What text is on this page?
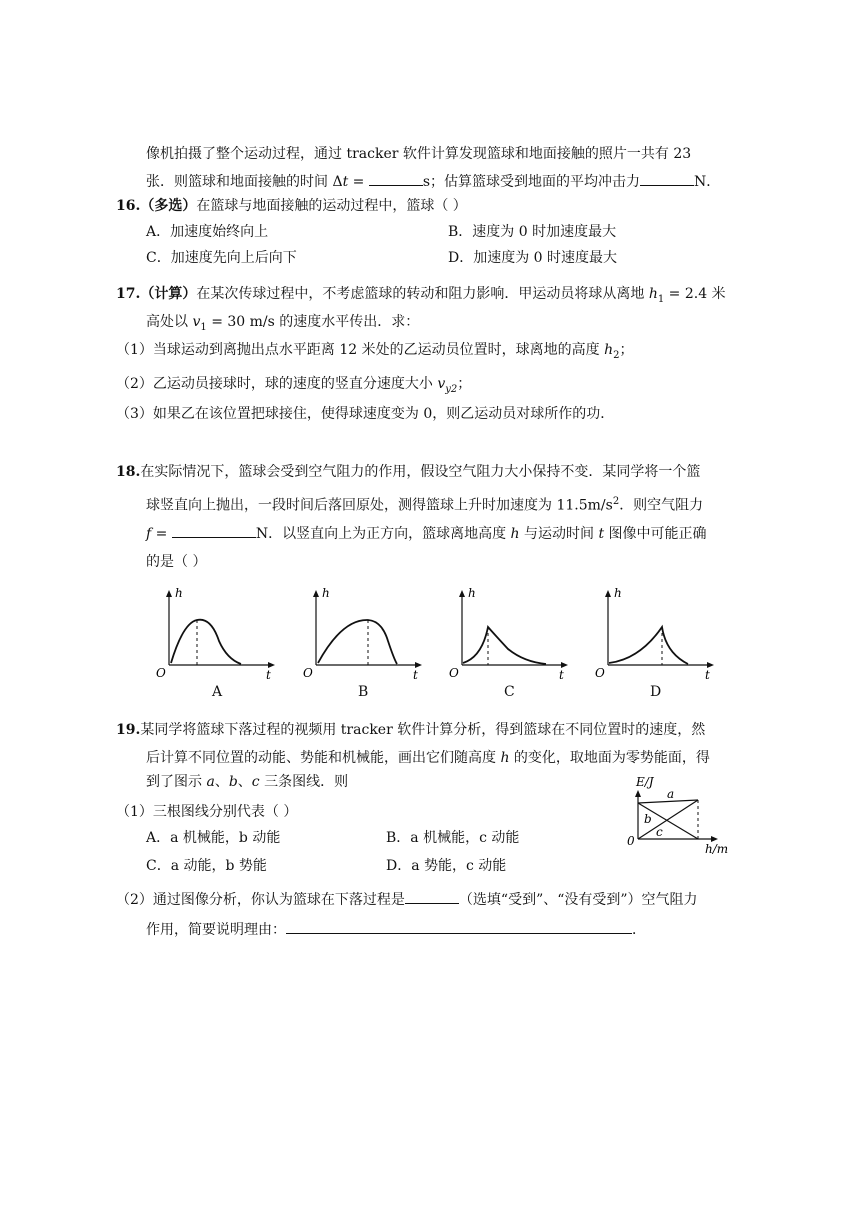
像机拍摄了整个运动过程，通过 tracker 软件计算发现篮球和地面接触的照片一共有 23
张．则篮球和地面接触的时间 Δt =	s；估算篮球受到地面的平均冲击力	N．
16.（多选）在篮球与地面接触的运动过程中，篮球（ ）
A．加速度始终向上	B．速度为 0 时加速度最大
C．加速度先向上后向下	D．加速度为 0 时速度最大
17.（计算）在某次传球过程中，不考虑篮球的转动和阻力影响．甲运动员将球从离地 $h_1 = 2.4$ 米
高处以 $v_1 = 30$ m/s 的速度水平传出．求：
（1）当球运动到离抛出点水平距离 12 米处的乙运动员位置时，球离地的高度 $h_2$；
（2）乙运动员接球时，球的速度的竖直分速度大小 $v_{y2}$；
（3）如果乙在该位置把球接住，使得球速度变为 0，则乙运动员对球所作的功．
18.在实际情况下，篮球会受到空气阻力的作用，假设空气阻力大小保持不变．某同学将一个篮
球竖直向上抛出，一段时间后落回原处，测得篮球上升时加速度为 $11.5m/s^2$．则空气阻力
f =	N．以竖直向上为正方向，篮球离地高度 h 与运动时间 t 图像中可能正确
的是（ ）
h
t
O
A
h
t
O
B
h
t
O
C
h
t
O
D
19.某同学将篮球下落过程的视频用 tracker 软件计算分析，得到篮球在不同位置时的速度，然
后计算不同位置的动能、势能和机械能，画出它们随高度 h 的变化，取地面为零势能面，得
到了图示 a、b、c 三条图线．则
（1）三根图线分别代表（ ）
A．a 机械能，b 动能	B．a 机械能，c 动能
C．a 动能，b 势能	D．a 势能，c 动能
E/J
h/m
0
a
b
c
（2）通过图像分析，你认为篮球在下落过程是	（选填“受到”、“没有受到”）空气阻力
作用，简要说明理由：	．
